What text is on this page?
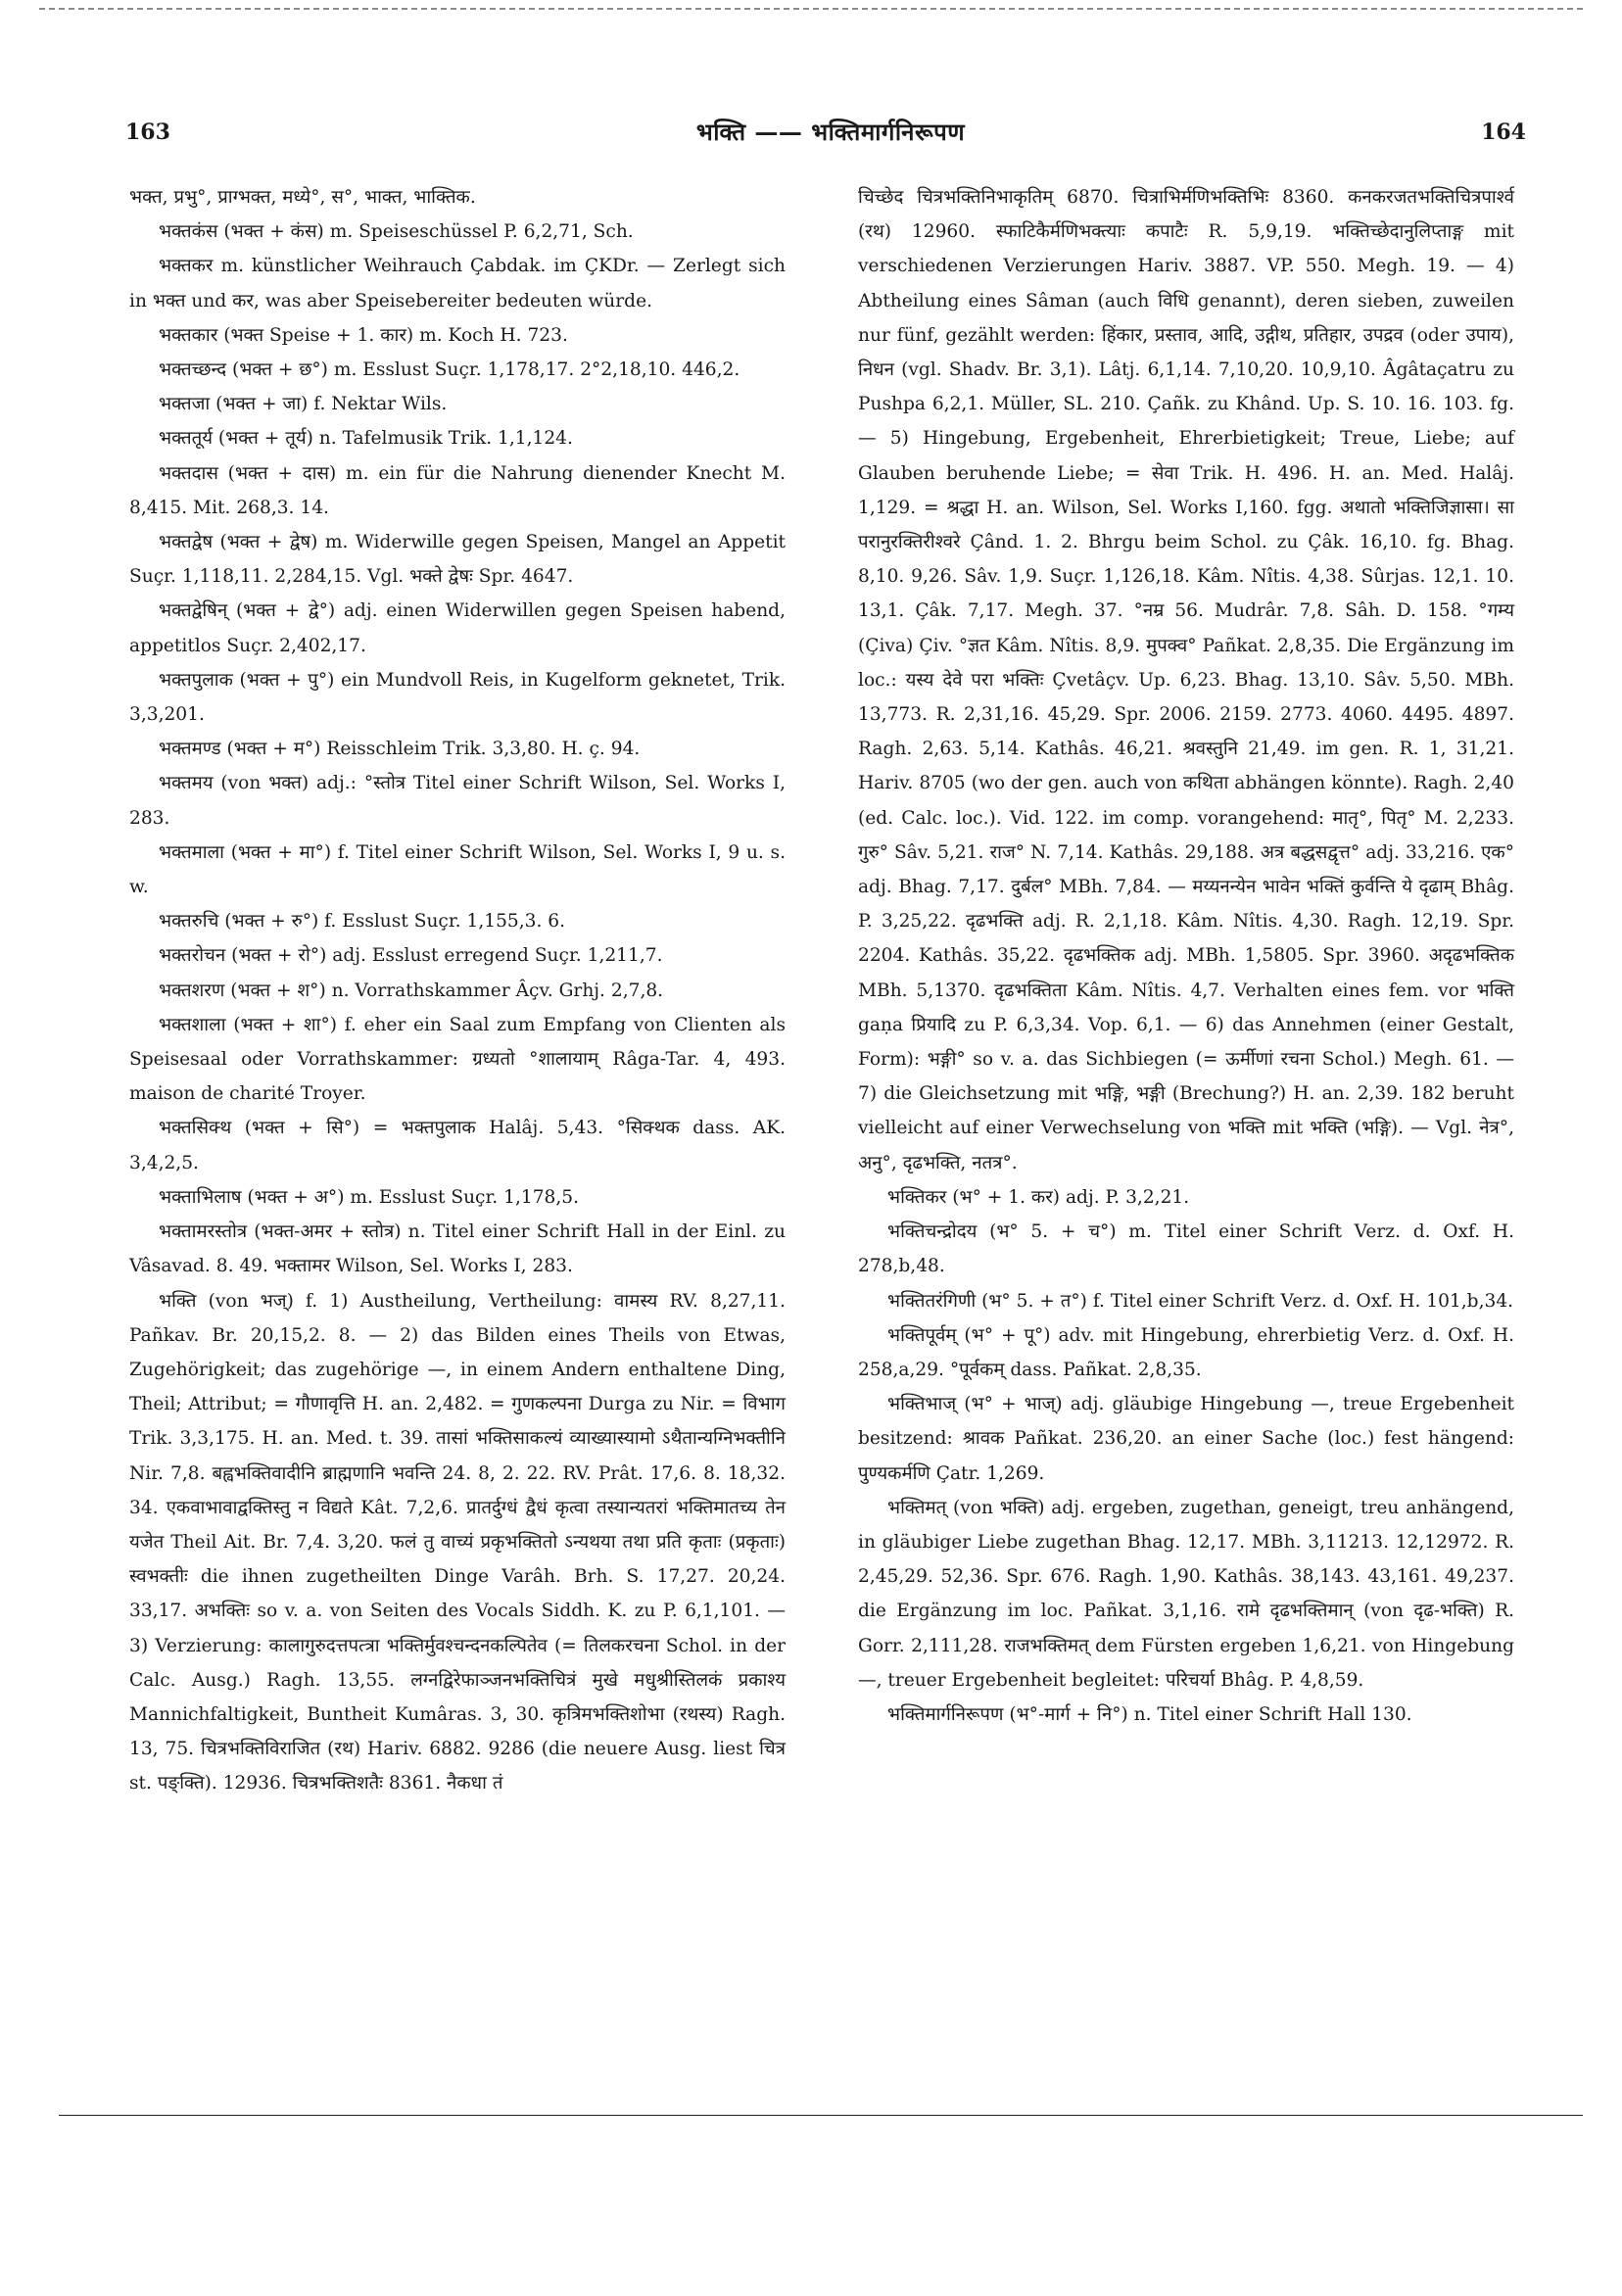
163	भक्ति —— भक्तिमार्गनिरूपण	164

भक्त, प्रभु°, प्राग्भक्त, मध्ये°, स°, भाक्त, भाक्तिक.

भक्तकंस (भक्त + कंस) m. Speiseschüssel P. 6,2,71, Sch.

भक्तकर m. künstlicher Weihrauch Çabdak. im ÇKDr. — Zerlegt sich in भक्त und कर, was aber Speisebereiter bedeuten würde.

भक्तकार (भक्त Speise + 1. कार) m. Koch H. 723.

भक्तच्छन्द (भक्त + छ°) m. Esslust Suçr. 1,178,17. 2°2,18,10. 446,2.

भक्तजा (भक्त + जा) f. Nektar Wils.

भक्ततूर्य (भक्त + तूर्य) n. Tafelmusik Trik. 1,1,124.

भक्तदास (भक्त + दास) m. ein für die Nahrung dienender Knecht M. 8,415. Mit. 268,3. 14.

भक्तद्वेष (भक्त + द्वेष) m. Widerwille gegen Speisen, Mangel an Appetit Suçr. 1,118,11. 2,284,15. Vgl. भक्ते द्वेषः Spr. 4647.

भक्तद्वेषिन् (भक्त + द्वे°) adj. einen Widerwillen gegen Speisen habend, appetitlos Suçr. 2,402,17.

भक्तपुलाक (भक्त + पु°) ein Mundvoll Reis, in Kugelform geknetet, Trik. 3,3,201.

भक्तमण्ड (भक्त + म°) Reisschleim Trik. 3,3,80. H. ç. 94.

भक्तमय (von भक्त) adj.: °स्तोत्र Titel einer Schrift Wilson, Sel. Works I, 283.

भक्तमाला (भक्त + मा°) f. Titel einer Schrift Wilson, Sel. Works I, 9 u. s. w.

भक्तरुचि (भक्त + रु°) f. Esslust Suçr. 1,155,3. 6.

भक्तरोचन (भक्त + रो°) adj. Esslust erregend Suçr. 1,211,7.

भक्तशरण (भक्त + श°) n. Vorrathskammer Âçv. Grhj. 2,7,8.

भक्तशाला (भक्त + शा°) f. eher ein Saal zum Empfang von Clienten als Speisesaal oder Vorrathskammer: ग्रध्यतो °शालायाम् Râga-Tar. 4, 493. maison de charité Troyer.

भक्तसिक्थ (भक्त + सि°) = भक्तपुलाक Halâj. 5,43. °सिक्थक dass. AK. 3,4,2,5.

भक्ताभिलाष (भक्त + अ°) m. Esslust Suçr. 1,178,5.

भक्तामरस्तोत्र (भक्त-अमर + स्तोत्र) n. Titel einer Schrift Hall in der Einl. zu Vâsavad. 8. 49. भक्तामर Wilson, Sel. Works I, 283.

भक्ति (von भज्) f. 1) Austheilung, Vertheilung: वामस्य RV. 8,27,11. Pañkav. Br. 20,15,2. 8. — 2) das Bilden eines Theils von Etwas, Zugehörigkeit; das zugehörige —, in einem Andern enthaltene Ding, Theil; Attribut; = गौणावृत्ति H. an. 2,482. = गुणकल्पना Durga zu Nir. = विभाग Trik. 3,3,175. H. an. Med. t. 39. तासां भक्तिसाकल्यं व्याख्यास्यामो ऽथैतान्यग्निभक्तीनि Nir. 7,8. बह्वभक्तिवादीनि ब्राह्मणानि भवन्ति 24. 8, 2. 22. RV. Prât. 17,6. 8. 18,32. 34. एकवाभावाद्वक्तिस्तु न विद्यते Kât. 7,2,6. प्रातर्दुग्धं द्वैधं कृत्वा तस्यान्यतरां भक्तिमातच्य तेन यजेत Theil Ait. Br. 7,4. 3,20. फलं तु वाच्यं प्रकृभक्तितो ऽन्यथया तथा प्रति कृताः (प्रकृताः) स्वभक्तीः die ihnen zugetheilten Dinge Varâh. Brh. S. 17,27. 20,24. 33,17. अभक्तिः so v. a. von Seiten des Vocals Siddh. K. zu P. 6,1,101. — 3) Verzierung: कालागुरुदत्तपत्त्रा भक्तिर्मुवश्चन्दनकल्पितेव (= तिलकरचना Schol. in der Calc. Ausg.) Ragh. 13,55. लग्नद्विरेफाञ्जनभक्तिचित्रं मुखे मधुश्रीस्तिलकं प्रकाश्य Mannichfaltigkeit, Buntheit Kumâras. 3, 30. कृत्रिमभक्तिशोभा (रथस्य) Ragh. 13, 75. चित्रभक्तिविराजित (रथ) Hariv. 6882. 9286 (die neuere Ausg. liest चित्र st. पङ्क्ति). 12936. चित्रभक्तिशतैः 8361. नैकधा तं

चिच्छेद चित्रभक्तिनिभाकृतिम् 6870. चित्राभिर्मणिभक्तिभिः 8360. कनकरजतभक्तिचित्रपार्श्व (रथ) 12960. स्फाटिकैर्मणिभक्त्याः कपाटैः R. 5,9,19. भक्तिच्छेदानुलिप्ताङ्ग mit verschiedenen Verzierungen Hariv. 3887. VP. 550. Megh. 19. — 4) Abtheilung eines Sâman (auch विधि genannt), deren sieben, zuweilen nur fünf, gezählt werden: हिंकार, प्रस्ताव, आदि, उद्गीथ, प्रतिहार, उपद्रव (oder उपाय), निधन (vgl. Shadv. Br. 3,1). Lâtj. 6,1,14. 7,10,20. 10,9,10. Âgâtaçatru zu Pushpa 6,2,1. Müller, SL. 210. Çañk. zu Khând. Up. S. 10. 16. 103. fg. — 5) Hingebung, Ergebenheit, Ehrerbietigkeit; Treue, Liebe; auf Glauben beruhende Liebe; = सेवा Trik. H. 496. H. an. Med. Halâj. 1,129. = श्रद्धा H. an. Wilson, Sel. Works I,160. fgg. अथातो भक्तिजिज्ञासा। सा परानुरक्तिरीश्वरे Çând. 1. 2. Bhrgu beim Schol. zu Çâk. 16,10. fg. Bhag. 8,10. 9,26. Sâv. 1,9. Suçr. 1,126,18. Kâm. Nîtis. 4,38. Sûrjas. 12,1. 10. 13,1. Çâk. 7,17. Megh. 37. °नम्र 56. Mudrâr. 7,8. Sâh. D. 158. °गम्य (Çiva) Çiv. °ज्ञत Kâm. Nîtis. 8,9. मुपक्व° Pañkat. 2,8,35. Die Ergänzung im loc.: यस्य देवे परा भक्तिः Çvetâçv. Up. 6,23. Bhag. 13,10. Sâv. 5,50. MBh. 13,773. R. 2,31,16. 45,29. Spr. 2006. 2159. 2773. 4060. 4495. 4897. Ragh. 2,63. 5,14. Kathâs. 46,21. श्रवस्तुनि 21,49. im gen. R. 1, 31,21. Hariv. 8705 (wo der gen. auch von कथिता abhängen könnte). Ragh. 2,40 (ed. Calc. loc.). Vid. 122. im comp. vorangehend: मातृ°, पितृ° M. 2,233. गुरु° Sâv. 5,21. राज° N. 7,14. Kathâs. 29,188. अत्र बद्धसद्वृत्त° adj. 33,216. एक° adj. Bhag. 7,17. दुर्बल° MBh. 7,84. — मय्यनन्येन भावेन भक्तिं कुर्वन्ति ये दृढाम् Bhâg. P. 3,25,22. दृढभक्ति adj. R. 2,1,18. Kâm. Nîtis. 4,30. Ragh. 12,19. Spr. 2204. Kathâs. 35,22. दृढभक्तिक adj. MBh. 1,5805. Spr. 3960. अदृढभक्तिक MBh. 5,1370. दृढभक्तिता Kâm. Nîtis. 4,7. Verhalten eines fem. vor भक्ति gaṇa प्रियादि zu P. 6,3,34. Vop. 6,1. — 6) das Annehmen (einer Gestalt, Form): भङ्गी° so v. a. das Sichbiegen (= ऊर्मीणां रचना Schol.) Megh. 61. — 7) die Gleichsetzung mit भङ्गि, भङ्गी (Brechung?) H. an. 2,39. 182 beruht vielleicht auf einer Verwechselung von भक्ति mit भक्ति (भङ्गि). — Vgl. नेत्र°, अनु°, दृढभक्ति, नतत्र°.

भक्तिकर (भ° + 1. कर) adj. P. 3,2,21.

भक्तिचन्द्रोदय (भ° 5. + च°) m. Titel einer Schrift Verz. d. Oxf. H. 278,b,48.

भक्तितरंगिणी (भ° 5. + त°) f. Titel einer Schrift Verz. d. Oxf. H. 101,b,34.

भक्तिपूर्वम् (भ° + पू°) adv. mit Hingebung, ehrerbietig Verz. d. Oxf. H. 258,a,29. °पूर्वकम् dass. Pañkat. 2,8,35.

भक्तिभाज् (भ° + भाज्) adj. gläubige Hingebung —, treue Ergebenheit besitzend: श्रावक Pañkat. 236,20. an einer Sache (loc.) fest hängend: पुण्यकर्मणि Çatr. 1,269.

भक्तिमत् (von भक्ति) adj. ergeben, zugethan, geneigt, treu anhängend, in gläubiger Liebe zugethan Bhag. 12,17. MBh. 3,11213. 12,12972. R. 2,45,29. 52,36. Spr. 676. Ragh. 1,90. Kathâs. 38,143. 43,161. 49,237. die Ergänzung im loc. Pañkat. 3,1,16. रामे दृढभक्तिमान् (von दृढ-भक्ति) R. Gorr. 2,111,28. राजभक्तिमत् dem Fürsten ergeben 1,6,21. von Hingebung —, treuer Ergebenheit begleitet: परिचर्या Bhâg. P. 4,8,59.

भक्तिमार्गनिरूपण (भ°-मार्ग + नि°) n. Titel einer Schrift Hall 130.
